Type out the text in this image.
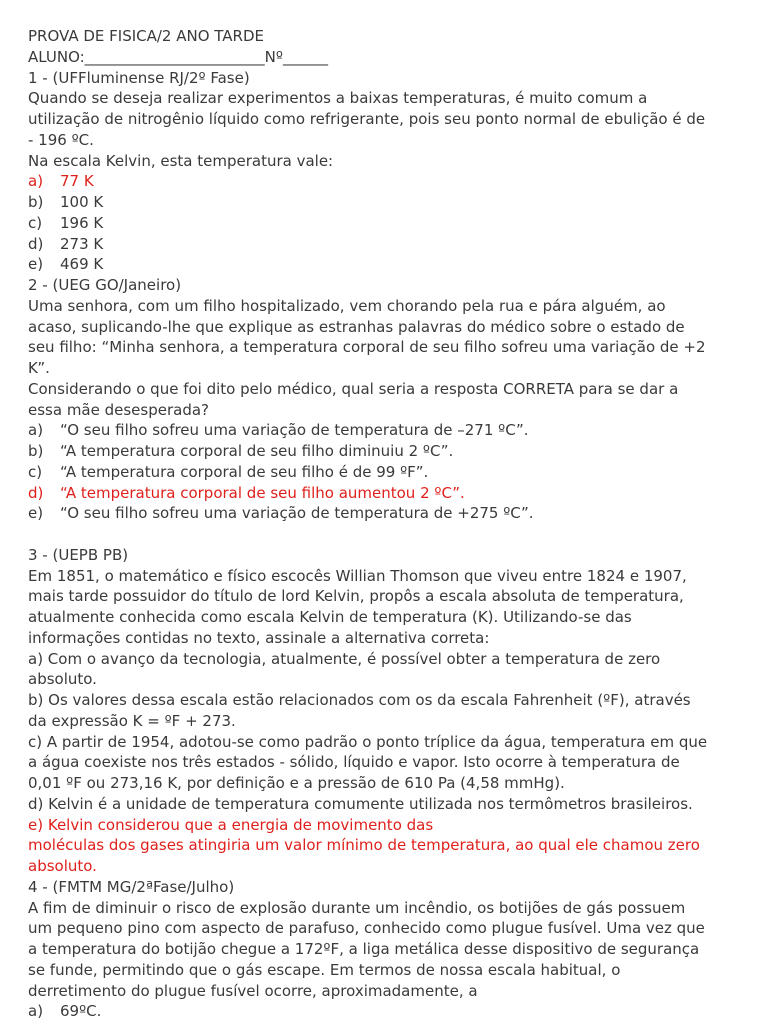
PROVA DE FISICA/2 ANO TARDE
ALUNO:________________________Nº______
1 - (UFFluminense RJ/2º Fase)
Quando se deseja realizar experimentos a baixas temperaturas, é muito comum a
utilização de nitrogênio líquido como refrigerante, pois seu ponto normal de ebulição é de
- 196 ºC.
Na escala Kelvin, esta temperatura vale:
a) 77 K
b) 100 K
c) 196 K
d) 273 K
e) 469 K
2 - (UEG GO/Janeiro)
Uma senhora, com um filho hospitalizado, vem chorando pela rua e pára alguém, ao
acaso, suplicando-lhe que explique as estranhas palavras do médico sobre o estado de
seu filho: “Minha senhora, a temperatura corporal de seu filho sofreu uma variação de +2
K”.
Considerando o que foi dito pelo médico, qual seria a resposta CORRETA para se dar a
essa mãe desesperada?
a) “O seu filho sofreu uma variação de temperatura de –271 ºC”.
b) “A temperatura corporal de seu filho diminuiu 2 ºC”.
c) “A temperatura corporal de seu filho é de 99 ºF”.
d) “A temperatura corporal de seu filho aumentou 2 ºC”.
e) “O seu filho sofreu uma variação de temperatura de +275 ºC”.
3 - (UEPB PB)
Em 1851, o matemático e físico escocês Willian Thomson que viveu entre 1824 e 1907,
mais tarde possuidor do título de lord Kelvin, propôs a escala absoluta de temperatura,
atualmente conhecida como escala Kelvin de temperatura (K). Utilizando-se das
informações contidas no texto, assinale a alternativa correta:
a) Com o avanço da tecnologia, atualmente, é possível obter a temperatura de zero
absoluto.
b) Os valores dessa escala estão relacionados com os da escala Fahrenheit (ºF), através
da expressão K = ºF + 273.
c) A partir de 1954, adotou-se como padrão o ponto tríplice da água, temperatura em que
a água coexiste nos três estados - sólido, líquido e vapor. Isto ocorre à temperatura de
0,01 ºF ou 273,16 K, por definição e a pressão de 610 Pa (4,58 mmHg).
d) Kelvin é a unidade de temperatura comumente utilizada nos termômetros brasileiros.
e) Kelvin considerou que a energia de movimento das
moléculas dos gases atingiria um valor mínimo de temperatura, ao qual ele chamou zero
absoluto.
4 - (FMTM MG/2ªFase/Julho)
A fim de diminuir o risco de explosão durante um incêndio, os botijões de gás possuem
um pequeno pino com aspecto de parafuso, conhecido como plugue fusível. Uma vez que
a temperatura do botijão chegue a 172ºF, a liga metálica desse dispositivo de segurança
se funde, permitindo que o gás escape. Em termos de nossa escala habitual, o
derretimento do plugue fusível ocorre, aproximadamente, a
a) 69ºC.
